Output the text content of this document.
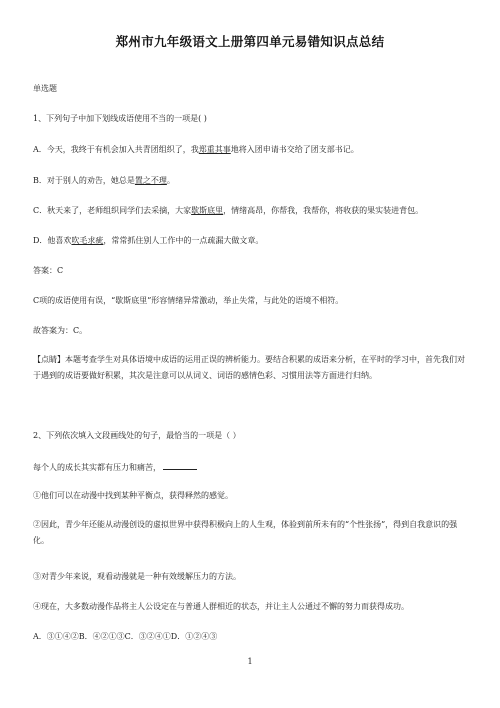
郑州市九年级语文上册第四单元易错知识点总结
单选题
1、下列句子中加下划线成语使用不当的一项是( )
A．今天，我终于有机会加入共青团组织了，我郑重其事地将入团申请书交给了团支部书记。
B．对于别人的劝告，她总是置之不理。
C．秋天来了，老师组织同学们去采摘，大家歇斯底里，情绪高昂，你帮我，我帮你，将收获的果实装进背包。
D．他喜欢吹毛求疵，常常抓住别人工作中的一点疏漏大做文章。
答案：C
C项的成语使用有误，“歇斯底里”形容情绪异常激动，举止失常，与此处的语境不相符。
故答案为：C。
【点睛】本题考查学生对具体语境中成语的运用正误的辨析能力。要结合积累的成语来分析，在平时的学习中，首先我们对于遇到的成语要做好积累，其次是注意可以从词义、词语的感情色彩、习惯用法等方面进行归纳。
2、下列依次填入文段画线处的句子，最恰当的一项是（ ）
每个人的成长其实都有压力和痛苦，
①他们可以在动漫中找到某种平衡点，获得释然的感觉。
②因此，青少年还能从动漫创设的虚拟世界中获得积极向上的人生观，体验到前所未有的“个性张扬”，得到自我意识的强化。
③对青少年来说，观看动漫就是一种有效缓解压力的方法。
④现在，大多数动漫作品将主人公设定在与普通人群相近的状态，并让主人公通过不懈的努力而获得成功。
A．③①④②B．④②①③C．③②④①D．①②④③
1
